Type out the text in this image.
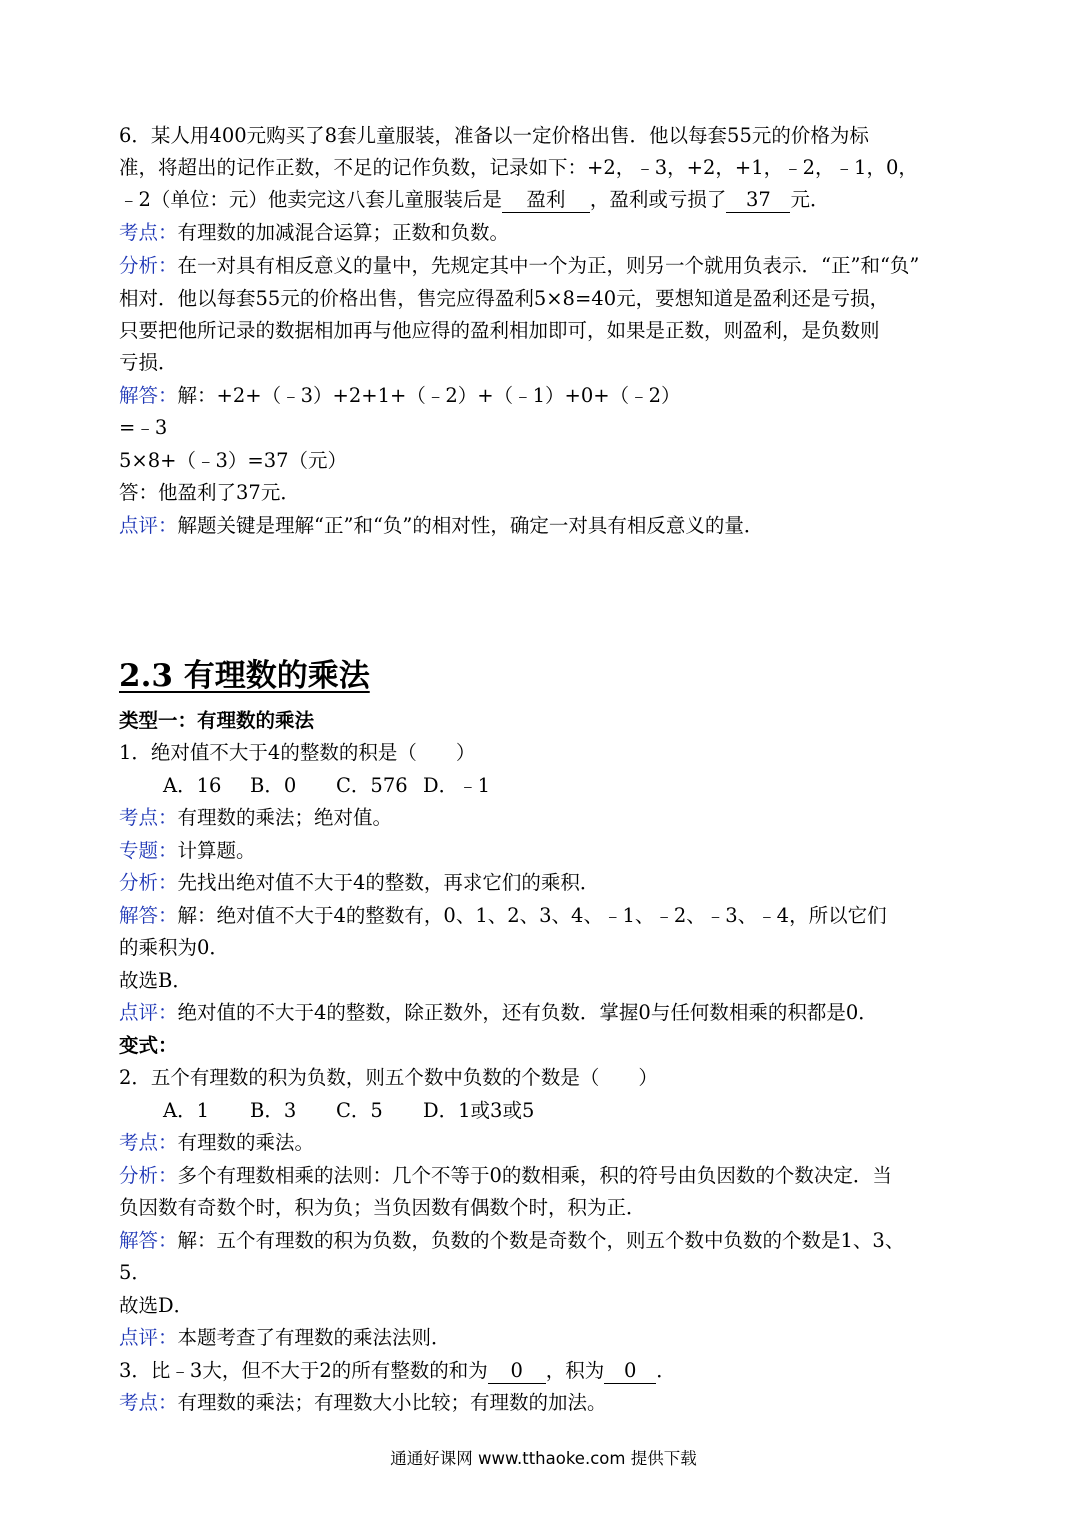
6．某人用400元购买了8套儿童服装，准备以一定价格出售．他以每套55元的价格为标
准，将超出的记作正数，不足的记作负数，记录如下：+2，﹣3，+2，+1，﹣2，﹣1，0，
﹣2（单位：元）他卖完这八套儿童服装后是 盈利 ，盈利或亏损了 37 元．
考点：有理数的加减混合运算；正数和负数。
分析：在一对具有相反意义的量中，先规定其中一个为正，则另一个就用负表示．“正”和“负”
相对．他以每套55元的价格出售，售完应得盈利5×8=40元，要想知道是盈利还是亏损，
只要把他所记录的数据相加再与他应得的盈利相加即可，如果是正数，则盈利，是负数则
亏损．
解答：解：+2+（﹣3）+2+1+（﹣2）+（﹣1）+0+（﹣2）
=﹣3
5×8+（﹣3）=37（元）
答：他盈利了37元．
点评：解题关键是理解“正”和“负”的相对性，确定一对具有相反意义的量．
2.3 有理数的乘法
类型一：有理数的乘法
1．绝对值不大于4的整数的积是（　　）
A．16 B．0 C．576 D．﹣1
考点：有理数的乘法；绝对值。
专题：计算题。
分析：先找出绝对值不大于4的整数，再求它们的乘积．
解答：解：绝对值不大于4的整数有，0、1、2、3、4、﹣1、﹣2、﹣3、﹣4，所以它们
的乘积为0．
故选B．
点评：绝对值的不大于4的整数，除正数外，还有负数．掌握0与任何数相乘的积都是0．
变式：
2．五个有理数的积为负数，则五个数中负数的个数是（　　）
A．1 B．3 C．5 D．1或3或5
考点：有理数的乘法。
分析：多个有理数相乘的法则：几个不等于0的数相乘，积的符号由负因数的个数决定．当
负因数有奇数个时，积为负；当负因数有偶数个时，积为正．
解答：解：五个有理数的积为负数，负数的个数是奇数个，则五个数中负数的个数是1、3、
5．
故选D．
点评：本题考查了有理数的乘法法则．
3．比﹣3大，但不大于2的所有整数的和为 0 ，积为 0 ．
考点：有理数的乘法；有理数大小比较；有理数的加法。
通通好课网 www.tthaoke.com 提供下载
